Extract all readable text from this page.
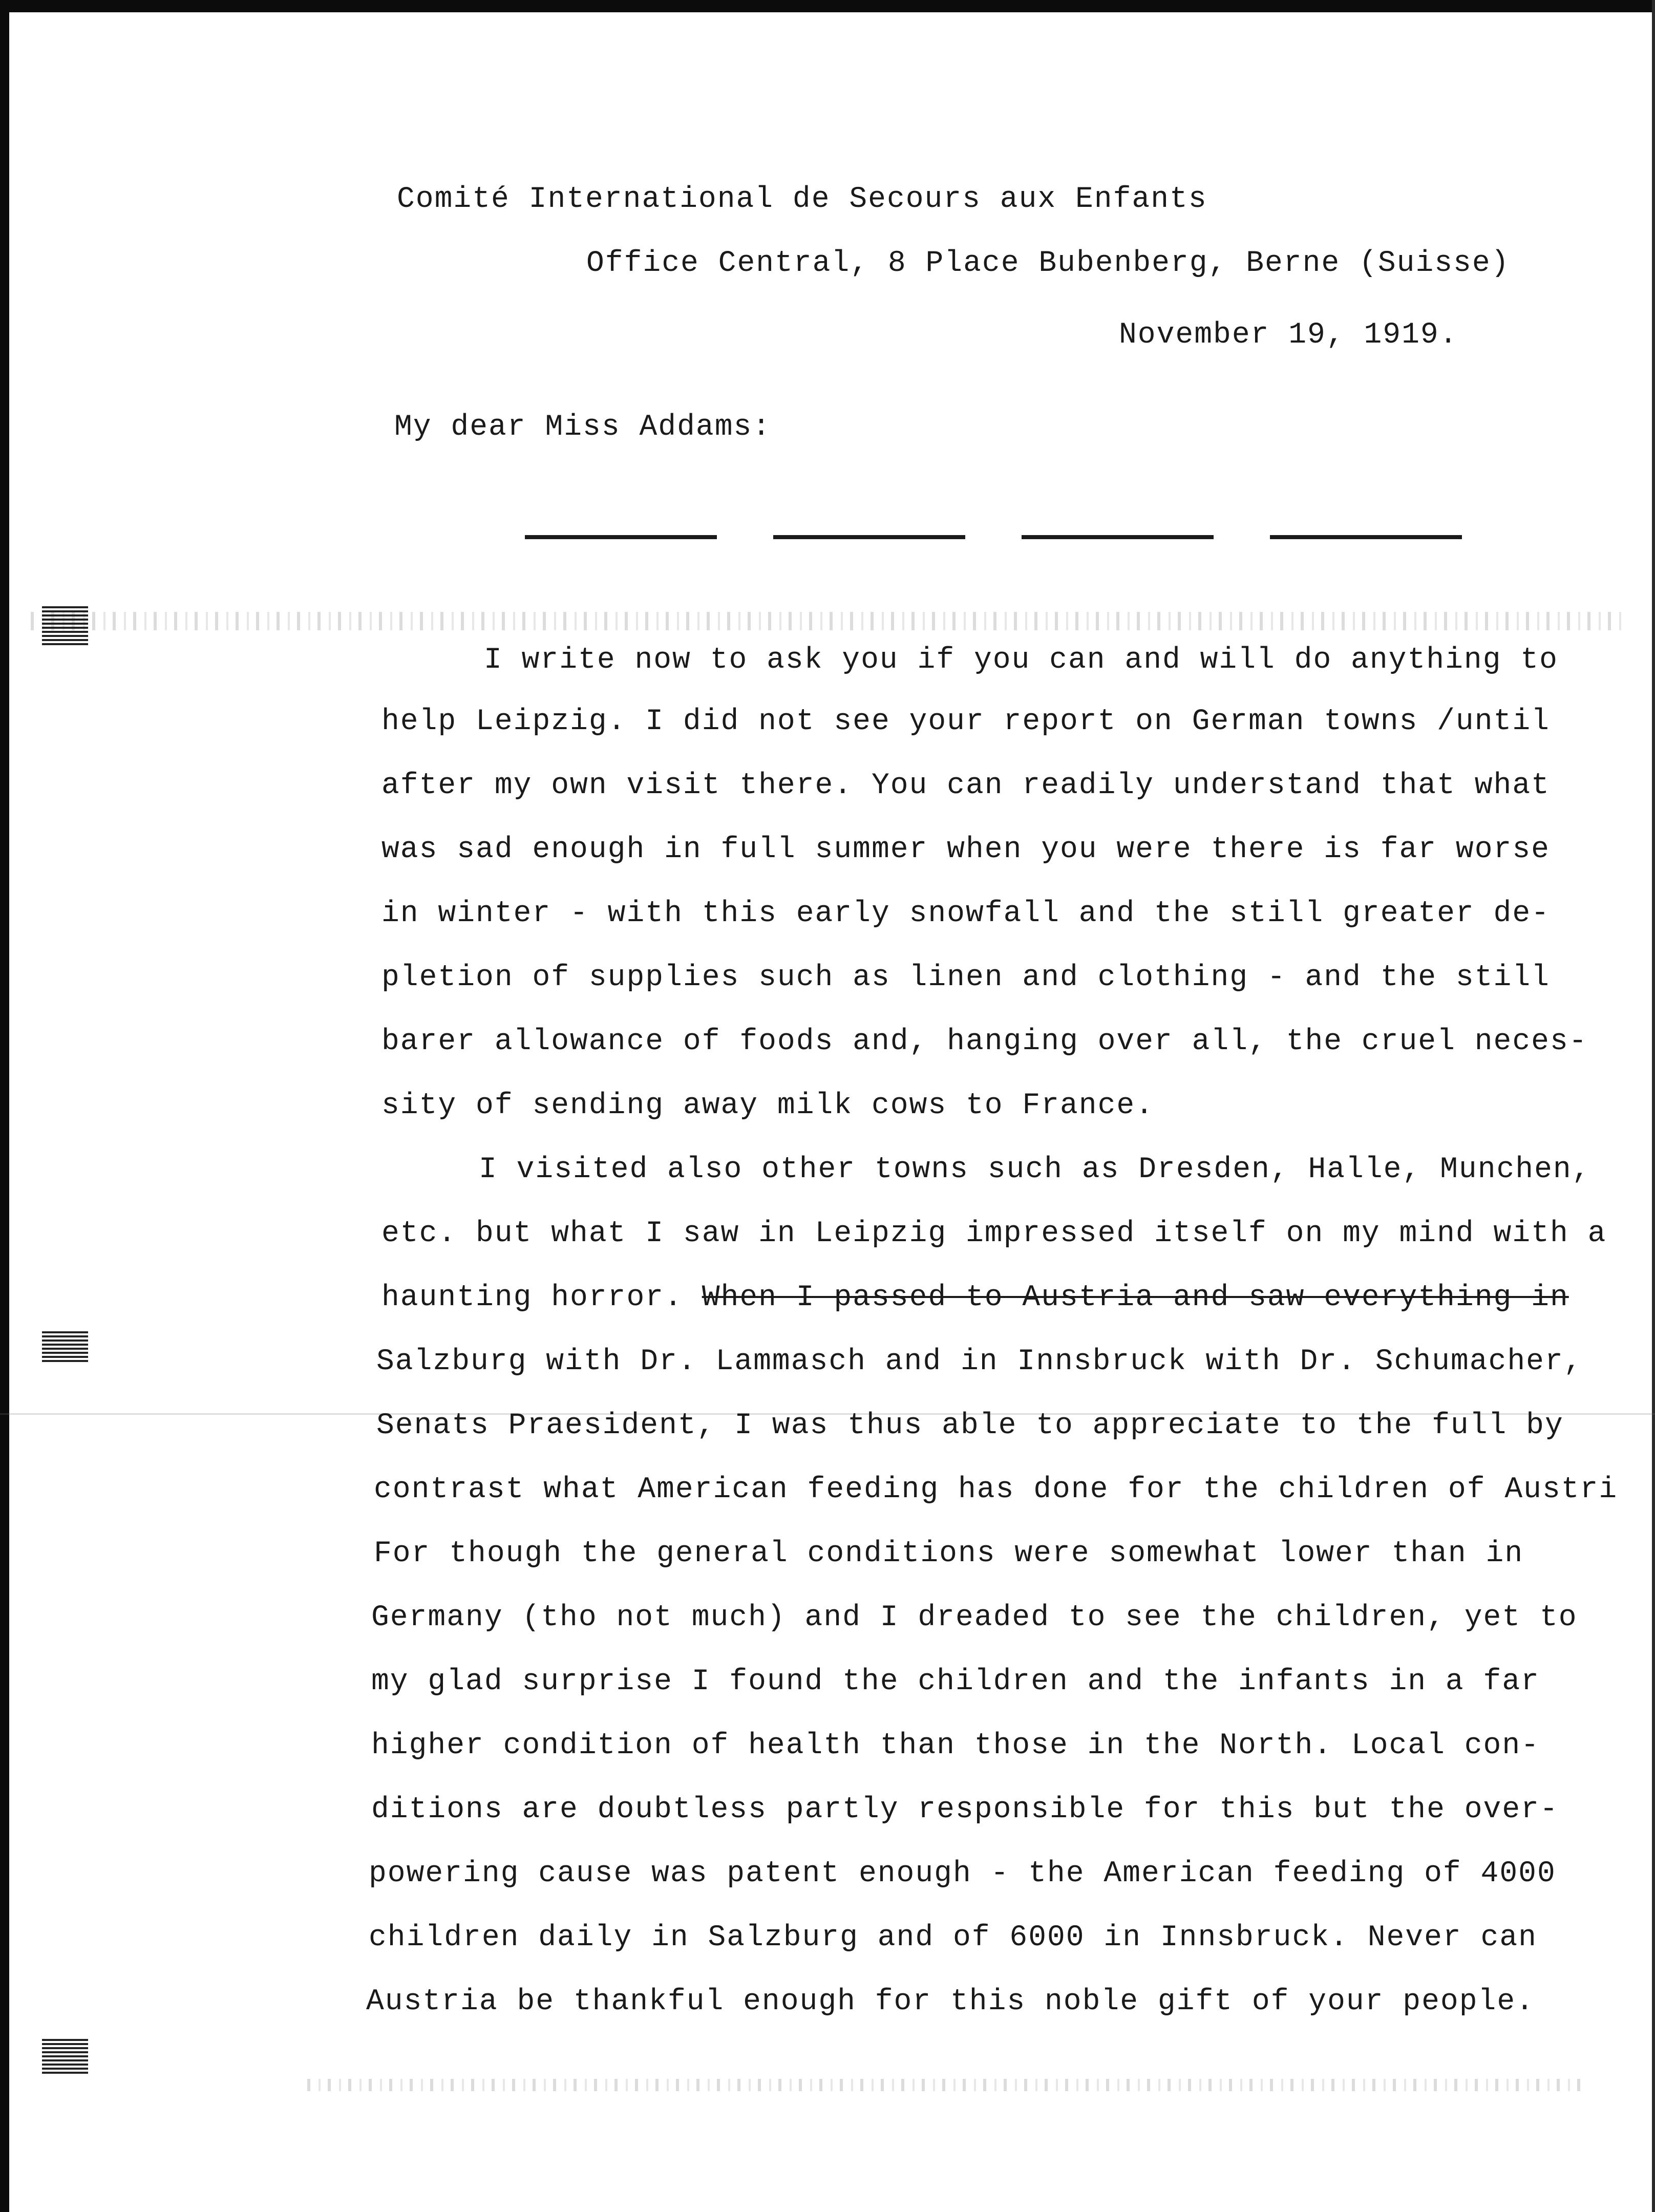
Comité International de Secours aux Enfants
Office Central, 8 Place Bubenberg, Berne (Suisse)
November 19, 1919.
My dear Miss Addams:
I write now to ask you if you can and will do anything to
help Leipzig. I did not see your report on German towns /until
after my own visit there. You can readily understand that what
was sad enough in full summer when you were there is far worse
in winter - with this early snowfall and the still greater de-
pletion of supplies such as linen and clothing - and the still
barer allowance of foods and, hanging over all, the cruel neces-
sity of sending away milk cows to France.
I visited also other towns such as Dresden, Halle, Munchen,
etc. but what I saw in Leipzig impressed itself on my mind with a
haunting horror. When I passed to Austria and saw everything in
Salzburg with Dr. Lammasch and in Innsbruck with Dr. Schumacher,
Senats Praesident, I was thus able to appreciate to the full by
contrast what American feeding has done for the children of Austri
For though the general conditions were somewhat lower than in
Germany (tho not much) and I dreaded to see the children, yet to
my glad surprise I found the children and the infants in a far
higher condition of health than those in the North. Local con-
ditions are doubtless partly responsible for this but the over-
powering cause was patent enough - the American feeding of 4000
children daily in Salzburg and of 6000 in Innsbruck. Never can
Austria be thankful enough for this noble gift of your people.
